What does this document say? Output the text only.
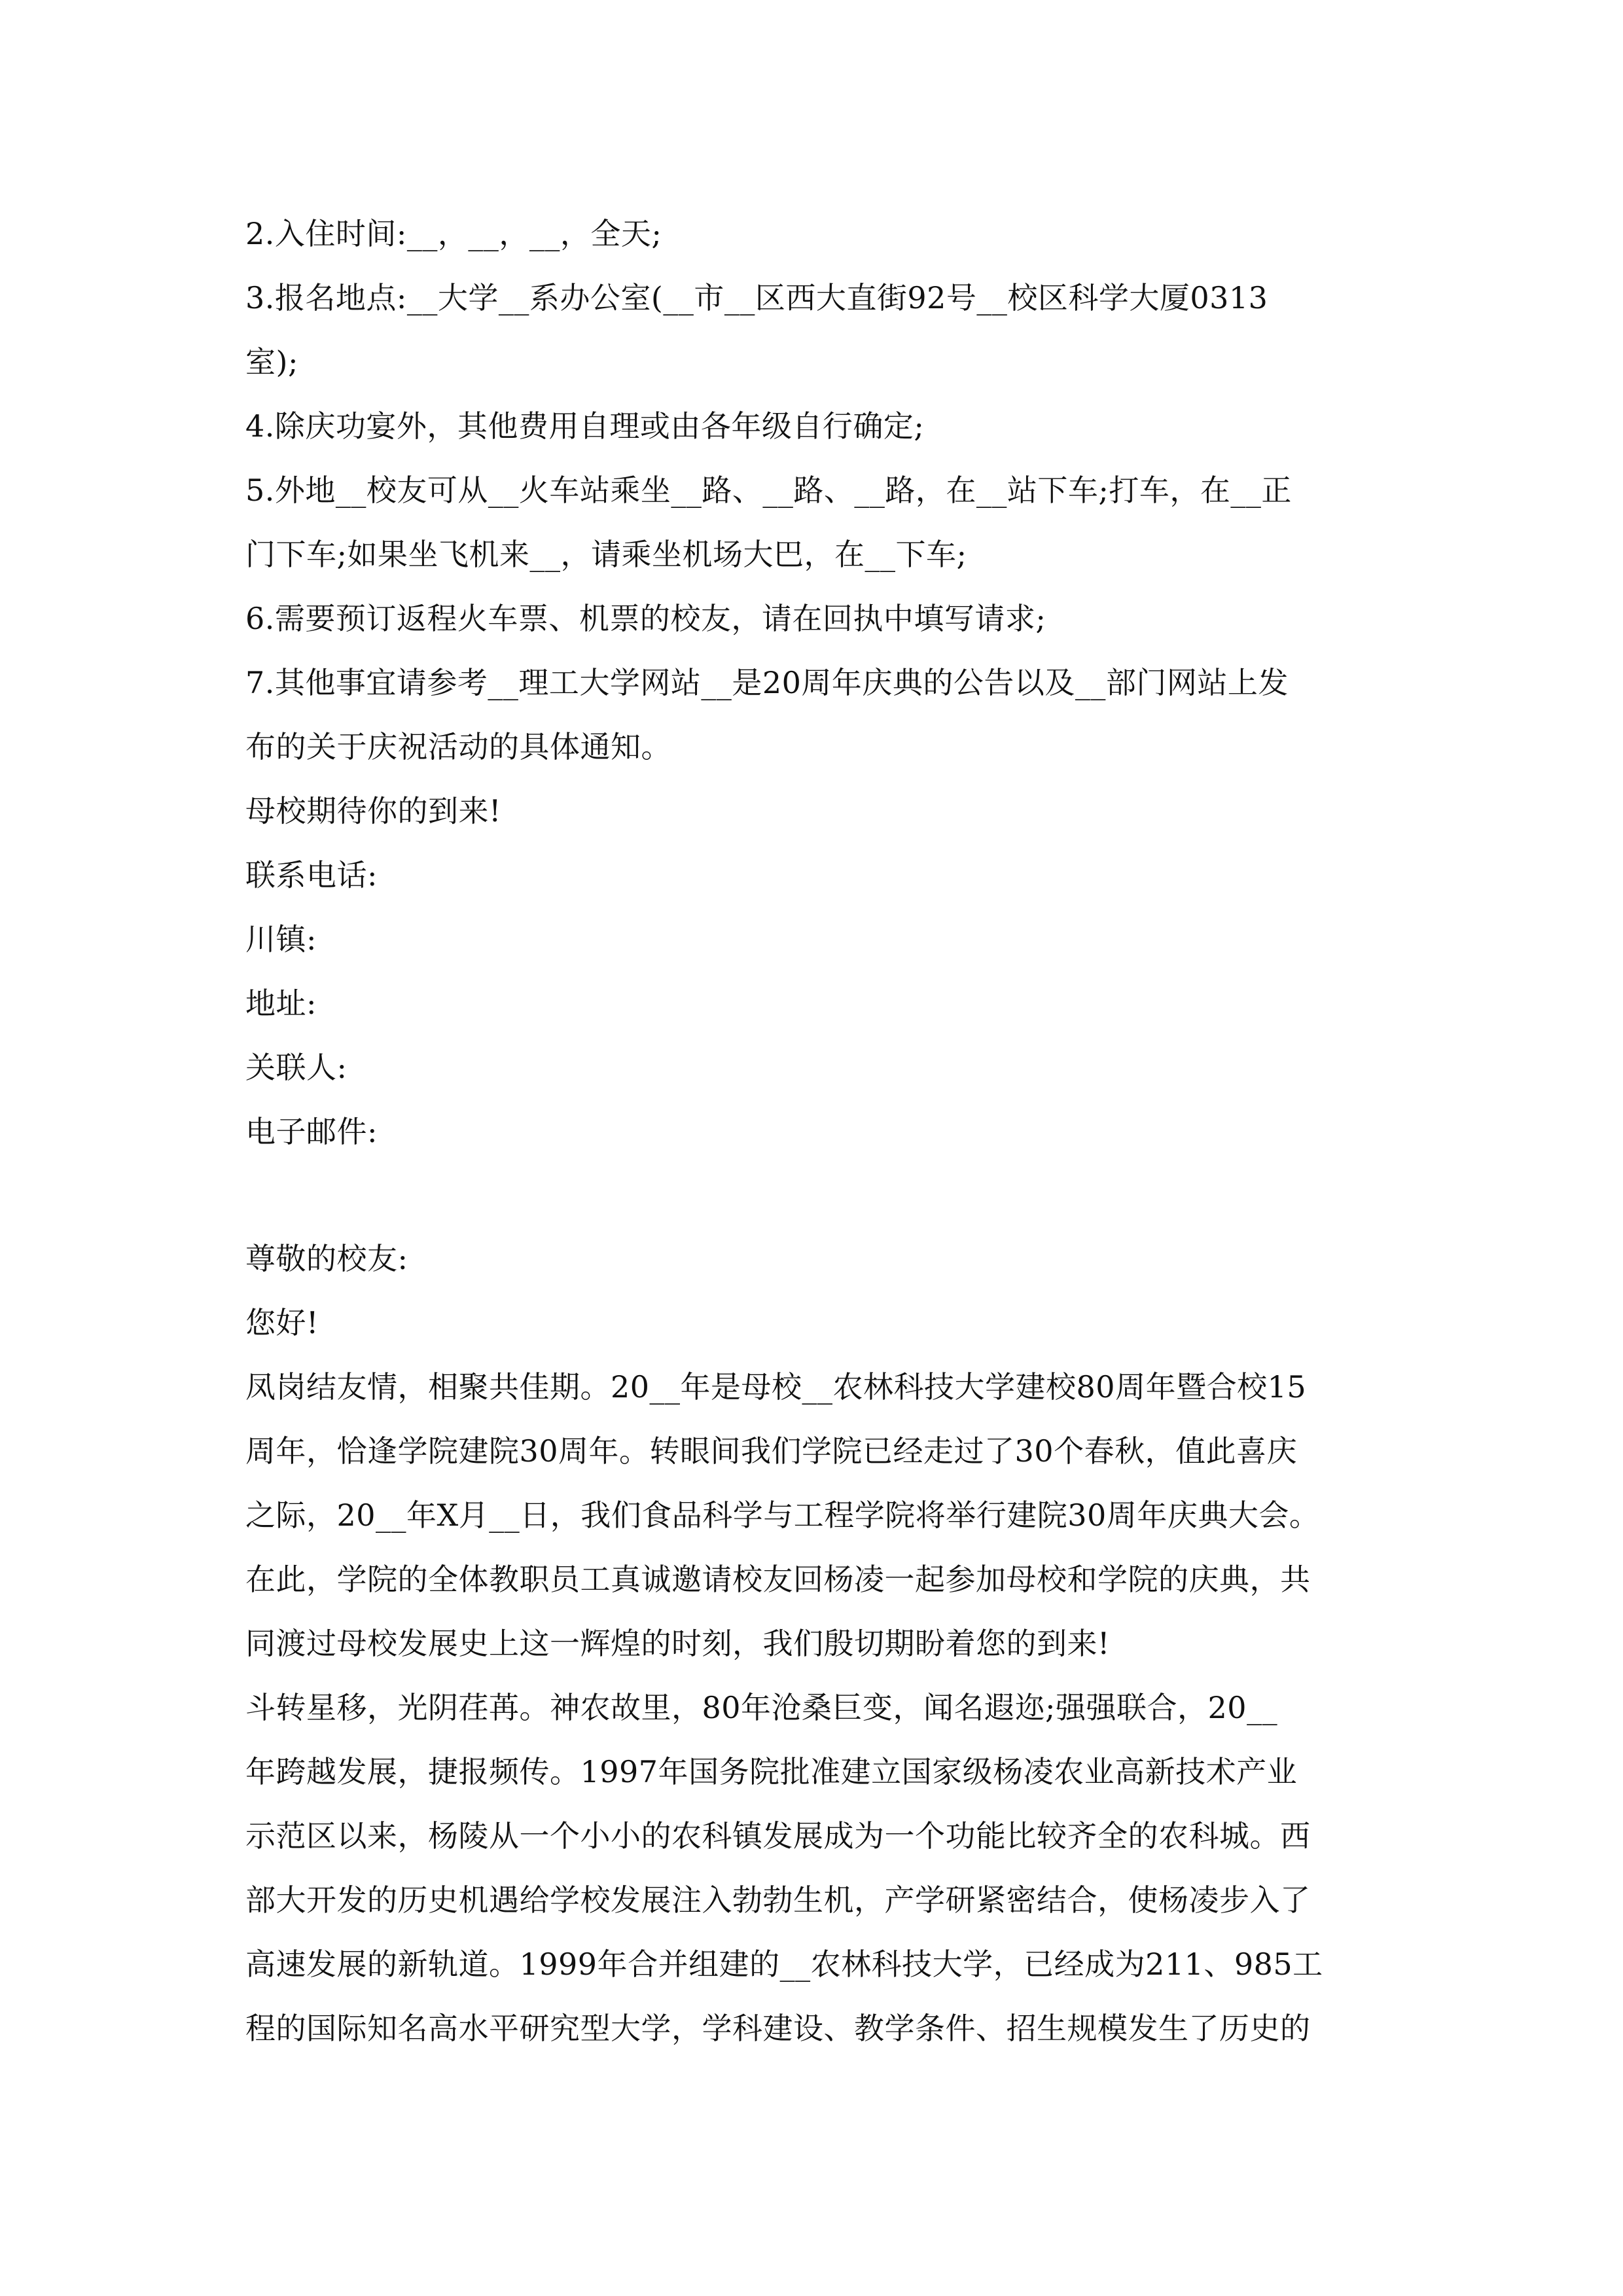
2.入住时间:__，__，__，全天;
3.报名地点:__大学__系办公室(__市__区西大直街92号__校区科学大厦0313
室);
4.除庆功宴外，其他费用自理或由各年级自行确定;
5.外地__校友可从__火车站乘坐__路、__路、__路，在__站下车;打车，在__正
门下车;如果坐飞机来__，请乘坐机场大巴，在__下车;
6.需要预订返程火车票、机票的校友，请在回执中填写请求;
7.其他事宜请参考__理工大学网站__是20周年庆典的公告以及__部门网站上发
布的关于庆祝活动的具体通知。
母校期待你的到来!
联系电话:
川镇:
地址:
关联人:
电子邮件:
尊敬的校友:
您好!
凤岗结友情，相聚共佳期。20__年是母校__农林科技大学建校80周年暨合校15
周年，恰逢学院建院30周年。转眼间我们学院已经走过了30个春秋，值此喜庆
之际，20__年X月__日，我们食品科学与工程学院将举行建院30周年庆典大会。
在此，学院的全体教职员工真诚邀请校友回杨凌一起参加母校和学院的庆典，共
同渡过母校发展史上这一辉煌的时刻，我们殷切期盼着您的到来!
斗转星移，光阴荏苒。神农故里，80年沧桑巨变，闻名遐迩;强强联合，20__
年跨越发展，捷报频传。1997年国务院批准建立国家级杨凌农业高新技术产业
示范区以来，杨陵从一个小小的农科镇发展成为一个功能比较齐全的农科城。西
部大开发的历史机遇给学校发展注入勃勃生机，产学研紧密结合，使杨凌步入了
高速发展的新轨道。1999年合并组建的__农林科技大学，已经成为211、985工
程的国际知名高水平研究型大学，学科建设、教学条件、招生规模发生了历史的
